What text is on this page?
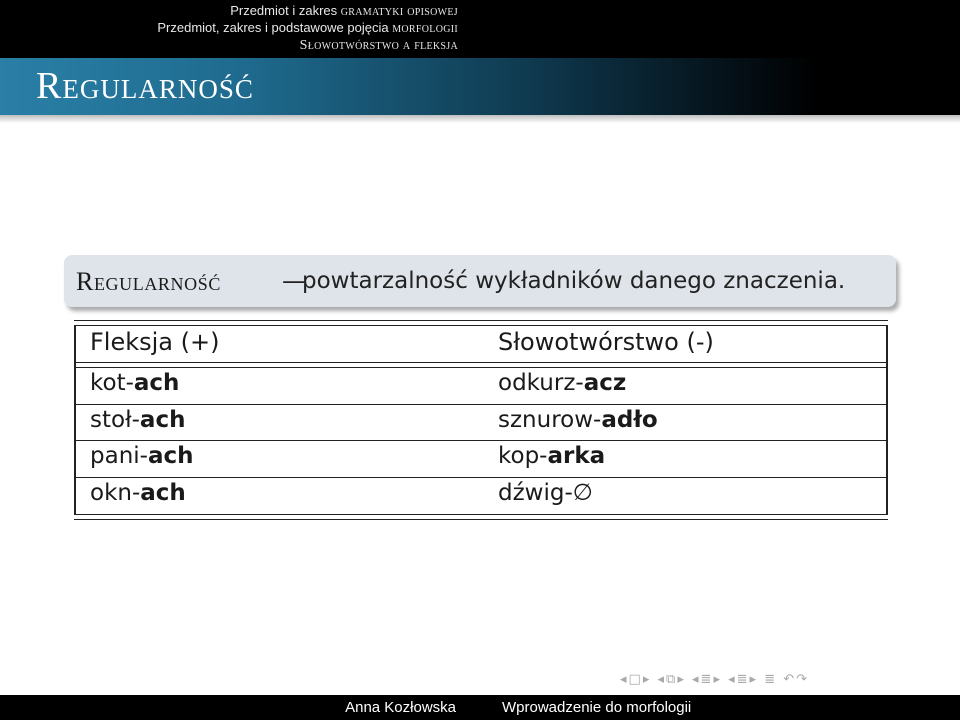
Przedmiot i zakres gramatyki opisowej
Przedmiot, zakres i podstawowe pojęcia morfologii
Słowotwórstwo a fleksja
Regularność
Regularność	—
powtarzalność wykładników danego znaczenia.
Fleksja (+)	Słowotwórstwo (-)
kot-ach	odkurz-acz
stoł-ach	sznurow-adło
pani-ach	kop-arka
okn-ach	dźwig-∅
◂□▸ ◂⧉▸ ◂≣▸ ◂≣▸ ≣ ↶↷
Anna Kozłowska	Wprowadzenie do morfologii
